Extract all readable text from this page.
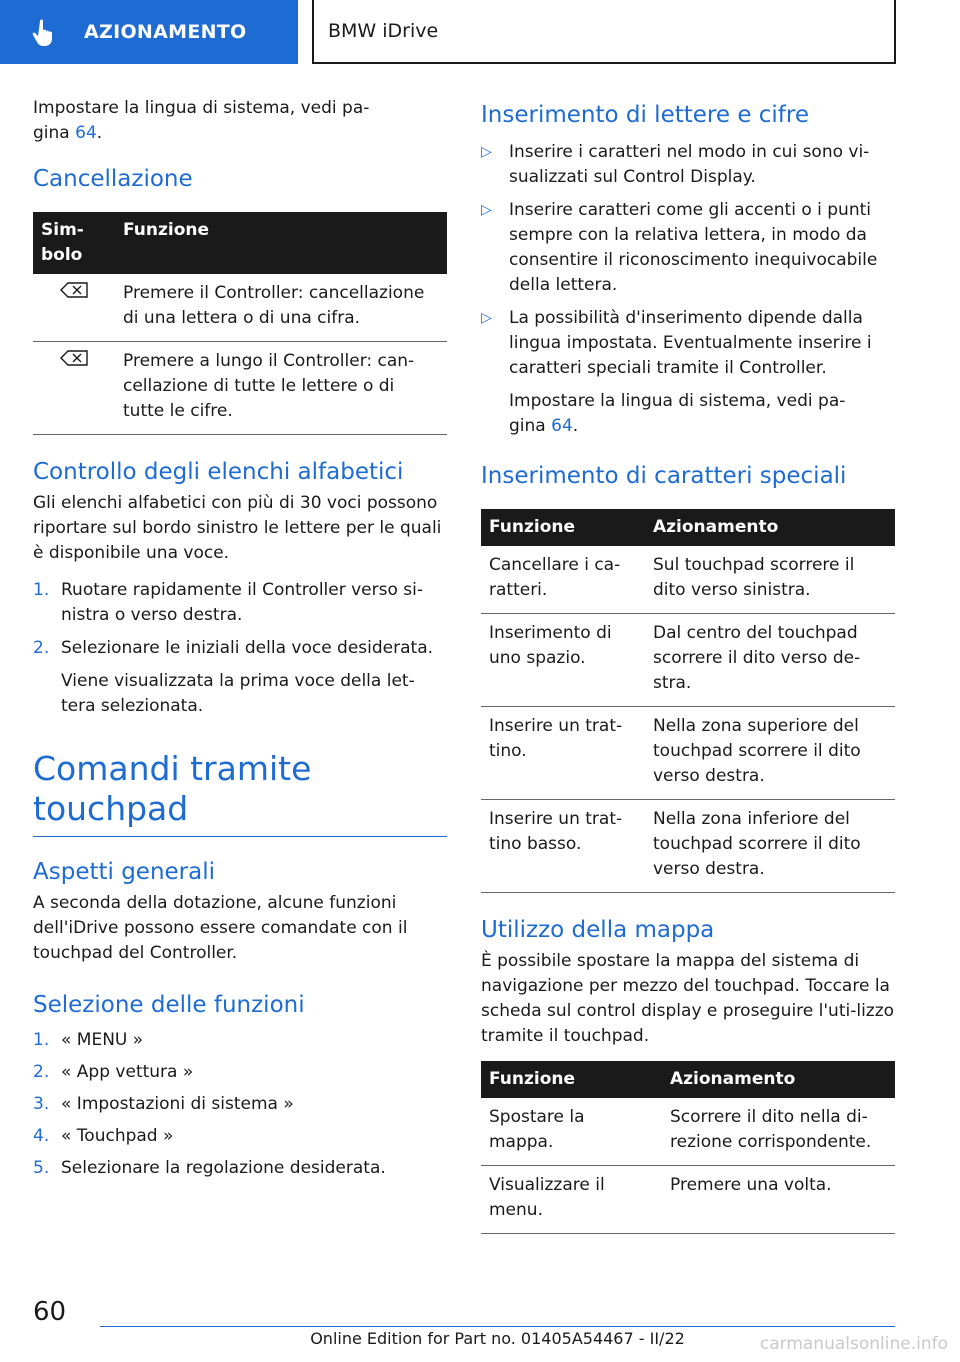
AZIONAMENTO	BMW iDrive

Impostare la lingua di sistema, vedi pa-gina 64.

Cancellazione
Sim-bolo	Funzione
	Premere il Controller: cancellazione di una lettera o di una cifra.
	Premere a lungo il Controller: can-cellazione di tutte le lettere o di tutte le cifre.
Controllo degli elenchi alfabetici

Gli elenchi alfabetici con più di 30 voci possono riportare sul bordo sinistro le lettere per le quali è disponibile una voce.

1. Ruotare rapidamente il Controller verso si-nistra o verso destra.
2. Selezionare le iniziali della voce desiderata.

Viene visualizzata la prima voce della let-tera selezionata.

Comandi tramite touchpad
Aspetti generali

A seconda della dotazione, alcune funzioni dell'iDrive possono essere comandate con il touchpad del Controller.

Selezione delle funzioni
1. « MENU »
2. « App vettura »
3. « Impostazioni di sistema »
4. « Touchpad »
5. Selezionare la regolazione desiderata.
Inserimento di lettere e cifre
▷ Inserire i caratteri nel modo in cui sono vi-sualizzati sul Control Display.
▷ Inserire caratteri come gli accenti o i punti sempre con la relativa lettera, in modo da consentire il riconoscimento inequivocabile della lettera.
▷ La possibilità d'inserimento dipende dalla lingua impostata. Eventualmente inserire i caratteri speciali tramite il Controller.

Impostare la lingua di sistema, vedi pa-gina 64.

Inserimento di caratteri speciali
Funzione	Azionamento
Cancellare i ca-ratteri.	Sul touchpad scorrere il dito verso sinistra.
Inserimento di uno spazio.	Dal centro del touchpad scorrere il dito verso de-stra.
Inserire un trat-tino.	Nella zona superiore del touchpad scorrere il dito verso destra.
Inserire un trat-tino basso.	Nella zona inferiore del touchpad scorrere il dito verso destra.
Utilizzo della mappa

È possibile spostare la mappa del sistema di navigazione per mezzo del touchpad. Toccare la scheda sul control display e proseguire l'uti-lizzo tramite il touchpad.

Funzione	Azionamento
Spostare la mappa.	Scorrere il dito nella di-rezione corrispondente.
Visualizzare il menu.	Premere una volta.
60
Online Edition for Part no. 01405A54467 - II/22	carmanualsonline.info
